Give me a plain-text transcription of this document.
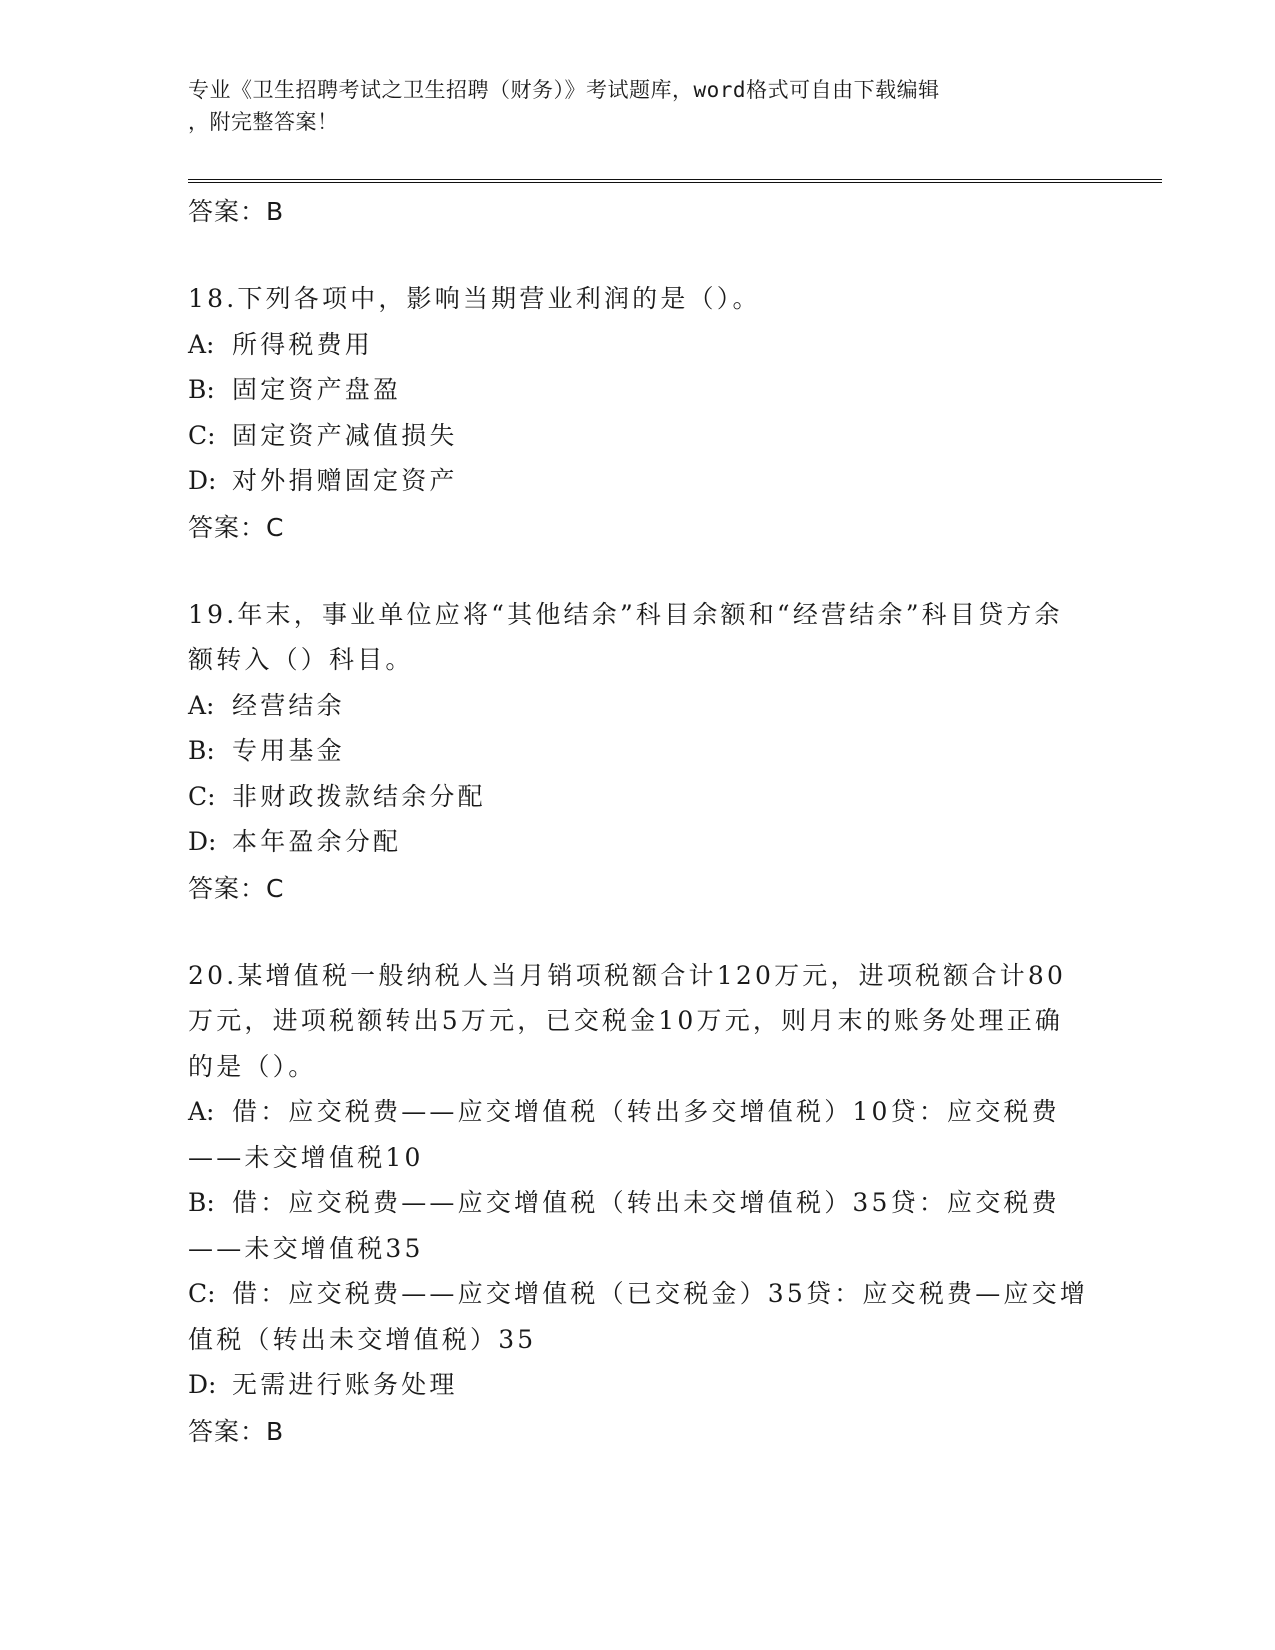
专业《卫生招聘考试之卫生招聘（财务）》考试题库，word格式可自由下载编辑
，附完整答案！
答案：B
18.下列各项中，影响当期营业利润的是（）。
A: 所得税费用
B: 固定资产盘盈
C: 固定资产减值损失
D: 对外捐赠固定资产
答案：C
19.年末，事业单位应将“其他结余”科目余额和“经营结余”科目贷方余额转入（）科目。
A: 经营结余
B: 专用基金
C: 非财政拨款结余分配
D: 本年盈余分配
答案：C
20.某增值税一般纳税人当月销项税额合计120万元，进项税额合计80万元，进项税额转出5万元，已交税金10万元，则月末的账务处理正确的是（）。
A: 借：应交税费——应交增值税（转出多交增值税）10贷：应交税费——未交增值税10
B: 借：应交税费——应交增值税（转出未交增值税）35贷：应交税费——未交增值税35
C: 借：应交税费——应交增值税（已交税金）35贷：应交税费—应交增值税（转出未交增值税）35
D: 无需进行账务处理
答案：B
